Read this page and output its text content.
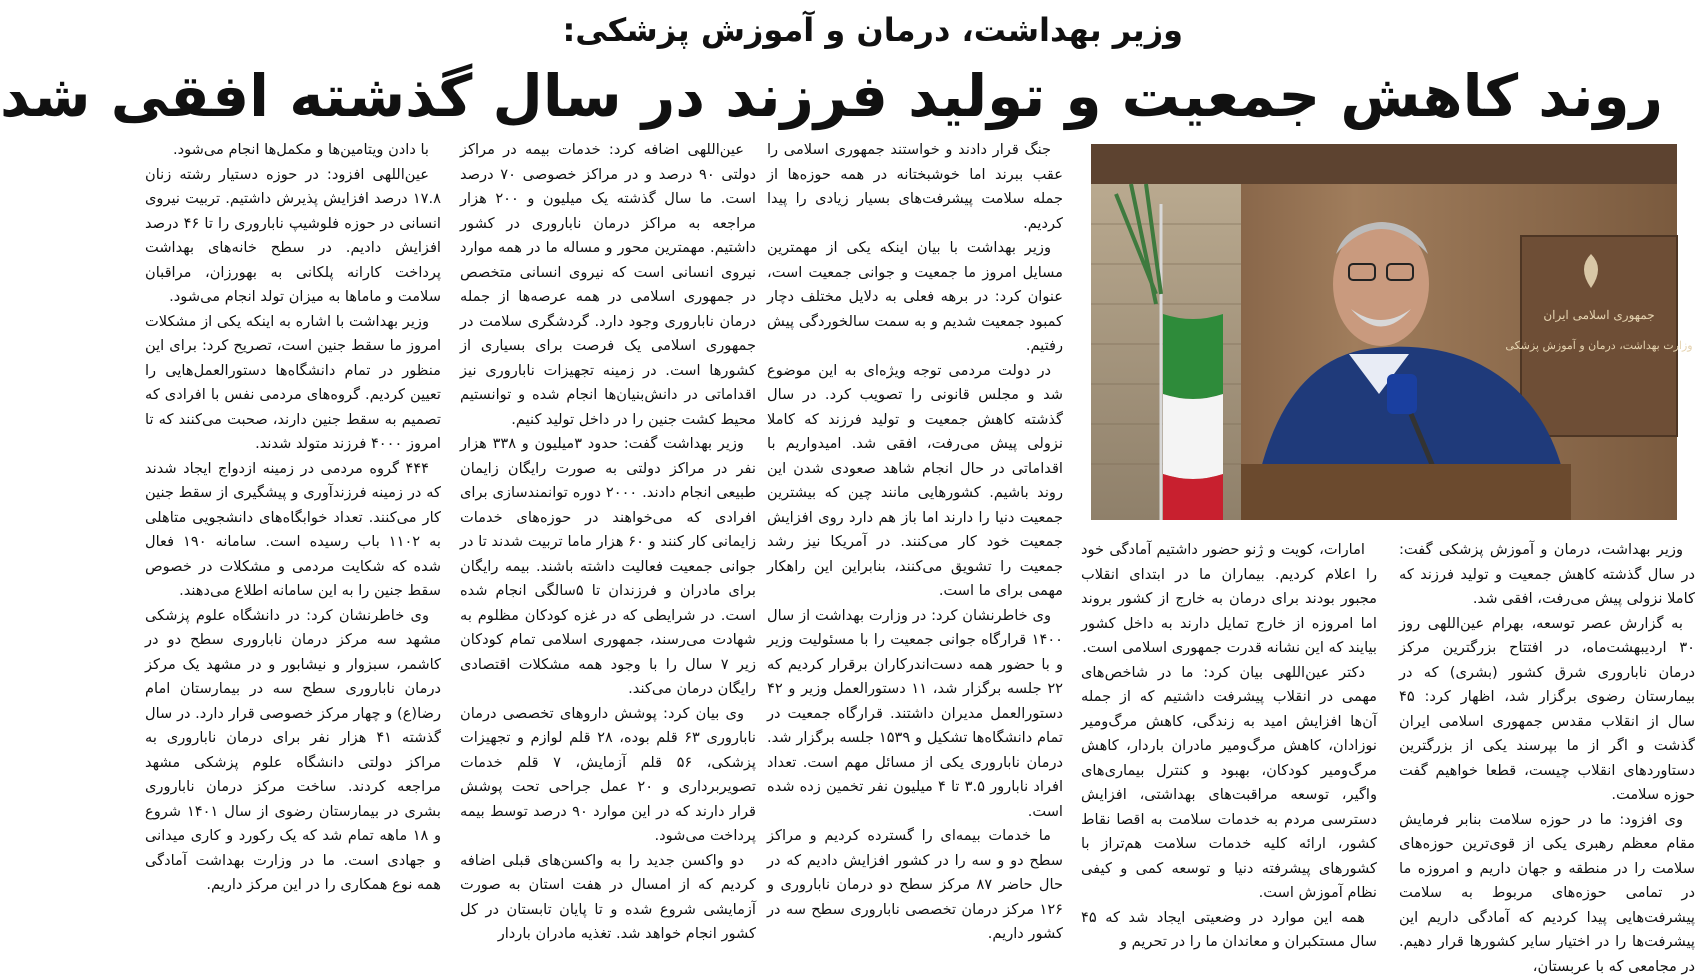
وزیر بهداشت، درمان و آموزش پزشکی:
روند کاهش جمعیت و تولید فرزند در سال گذشته افقی شد
جمهوری اسلامی ایران
وزارت بهداشت، درمان و آموزش پزشکی

وزیر بهداشت، درمان و آموزش پزشکی گفت: در سال گذشته کاهش جمعیت و تولید فرزند که کاملا نزولی پیش می‌رفت، افقی شد.

به گزارش عصر توسعه، بهرام عین‌اللهی روز ۳۰ اردیبهشت‌ماه، در افتتاح بزرگترین مرکز درمان ناباروری شرق کشور (بشری) که در بیمارستان رضوی برگزار شد، اظهار کرد: ۴۵ سال از انقلاب مقدس جمهوری اسلامی ایران گذشت و اگر از ما بپرسند یکی از بزرگترین دستاوردهای انقلاب چیست، قطعا خواهیم گفت حوزه سلامت.

وی افزود: ما در حوزه سلامت بنابر فرمایش مقام معظم رهبری یکی از قوی‌ترین حوزه‌های سلامت را در منطقه و جهان داریم و امروزه ما در تمامی حوزه‌های مربوط به سلامت پیشرفت‌هایی پیدا کردیم که آمادگی داریم این پیشرفت‌ها را در اختیار سایر کشورها قرار دهیم. در مجامعی که با عربستان،

امارات، کویت و ژنو حضور داشتیم آمادگی خود را اعلام کردیم. بیماران ما در ابتدای انقلاب مجبور بودند برای درمان به خارج از کشور بروند اما امروزه از خارج تمایل دارند به داخل کشور بیایند که این نشانه قدرت جمهوری اسلامی است.

دکتر عین‌اللهی بیان کرد: ما در شاخص‌های مهمی در انقلاب پیشرفت داشتیم که از جمله آن‌ها افزایش امید به زندگی، کاهش مرگ‌ومیر نوزادان، کاهش مرگ‌ومیر مادران باردار، کاهش مرگ‌ومیر کودکان، بهبود و کنترل بیماری‌های واگیر، توسعه مراقبت‌های بهداشتی، افزایش دسترسی مردم به خدمات سلامت به اقصا نقاط کشور، ارائه کلیه خدمات سلامت هم‌تراز با کشورهای پیشرفته دنیا و توسعه کمی و کیفی نظام آموزش است.

همه این موارد در وضعیتی ایجاد شد که ۴۵ سال مستکبران و معاندان ما را در تحریم و

جنگ قرار دادند و خواستند جمهوری اسلامی را عقب ببرند اما خوشبختانه در همه حوزه‌ها از جمله سلامت پیشرفت‌های بسیار زیادی را پیدا کردیم.

وزیر بهداشت با بیان اینکه یکی از مهمترین مسایل امروز ما جمعیت و جوانی جمعیت است، عنوان کرد: در برهه فعلی به دلایل مختلف دچار کمبود جمعیت شدیم و به سمت سالخوردگی پیش رفتیم.

در دولت مردمی توجه ویژه‌ای به این موضوع شد و مجلس قانونی را تصویب کرد. در سال گذشته کاهش جمعیت و تولید فرزند که کاملا نزولی پیش می‌رفت، افقی شد. امیدواریم با اقداماتی در حال انجام شاهد صعودی شدن این روند باشیم. کشورهایی مانند چین که بیشترین جمعیت دنیا را دارند اما باز هم دارد روی افزایش جمعیت خود کار می‌کنند. در آمریکا نیز رشد جمعیت را تشویق می‌کنند، بنابراین این راهکار مهمی برای ما است.

وی خاطرنشان کرد: در وزارت بهداشت از سال ۱۴۰۰ قرارگاه جوانی جمعیت را با مسئولیت وزیر و با حضور همه دست‌اندرکاران برقرار کردیم که ۲۲ جلسه برگزار شد، ۱۱ دستورالعمل وزیر و ۴۲ دستورالعمل مدیران داشتند. قرارگاه جمعیت در تمام دانشگاه‌ها تشکیل و ۱۵۳۹ جلسه برگزار شد. درمان ناباروری یکی از مسائل مهم است. تعداد افراد نابارور ۳.۵ تا ۴ میلیون نفر تخمین زده شده است.

ما خدمات بیمه‌ای را گسترده کردیم و مراکز سطح دو و سه را در کشور افزایش دادیم که در حال حاضر ۸۷ مرکز سطح دو درمان ناباروری و ۱۲۶ مرکز درمان تخصصی ناباروری سطح سه در کشور داریم.

عین‌اللهی اضافه کرد: خدمات بیمه در مراکز دولتی ۹۰ درصد و در مراکز خصوصی ۷۰ درصد است. ما سال گذشته یک میلیون و ۲۰۰ هزار مراجعه به مراکز درمان ناباروری در کشور داشتیم. مهمترین محور و مساله ما در همه موارد نیروی انسانی است که نیروی انسانی متخصص در جمهوری اسلامی در همه عرصه‌ها از جمله درمان ناباروری وجود دارد. گردشگری سلامت در جمهوری اسلامی یک فرصت برای بسیاری از کشورها است. در زمینه تجهیزات ناباروری نیز اقداماتی در دانش‌بنیان‌ها انجام شده و توانستیم محیط کشت جنین را در داخل تولید کنیم.

وزیر بهداشت گفت: حدود ۳میلیون و ۳۳۸ هزار نفر در مراکز دولتی به صورت رایگان زایمان طبیعی انجام دادند. ۲۰۰۰ دوره توانمندسازی برای افرادی که می‌خواهند در حوزه‌های خدمات زایمانی کار کنند و ۶۰ هزار ماما تربیت شدند تا در جوانی جمعیت فعالیت داشته باشند. بیمه رایگان برای مادران و فرزندان تا ۵سالگی انجام شده است. در شرایطی که در غزه کودکان مظلوم به شهادت می‌رسند، جمهوری اسلامی تمام کودکان زیر ۷ سال را با وجود همه مشکلات اقتصادی رایگان درمان می‌کند.

وی بیان کرد: پوشش داروهای تخصصی درمان ناباروری ۶۳ قلم بوده، ۲۸ قلم لوازم و تجهیزات پزشکی، ۵۶ قلم آزمایش، ۷ قلم خدمات تصویربرداری و ۲۰ عمل جراحی تحت پوشش قرار دارند که در این موارد ۹۰ درصد توسط بیمه پرداخت می‌شود.

دو واکسن جدید را به واکسن‌های قبلی اضافه کردیم که از امسال در هفت استان به صورت آزمایشی شروع شده و تا پایان تابستان در کل کشور انجام خواهد شد. تغذیه مادران باردار

با دادن ویتامین‌ها و مکمل‌ها انجام می‌شود.

عین‌اللهی افزود: در حوزه دستیار رشته زنان ۱۷.۸ درصد افزایش پذیرش داشتیم. تربیت نیروی انسانی در حوزه فلوشیپ ناباروری را تا ۴۶ درصد افزایش دادیم. در سطح خانه‌های بهداشت پرداخت کارانه پلکانی به بهورزان، مراقبان سلامت و ماماها به میزان تولد انجام می‌شود.

وزیر بهداشت با اشاره به اینکه یکی از مشکلات امروز ما سقط جنین است، تصریح کرد: برای این منظور در تمام دانشگاه‌ها دستورالعمل‌هایی را تعیین کردیم. گروه‌های مردمی نفس با افرادی که تصمیم به سقط جنین دارند، صحبت می‌کنند که تا امروز ۴۰۰۰ فرزند متولد شدند.

۴۴۴ گروه مردمی در زمینه ازدواج ایجاد شدند که در زمینه فرزندآوری و پیشگیری از سقط جنین کار می‌کنند. تعداد خوابگاه‌های دانشجویی متاهلی به ۱۱۰۲ باب رسیده است. سامانه ۱۹۰ فعال شده که شکایت مردمی و مشکلات در خصوص سقط جنین را به این سامانه اطلاع می‌دهند.

وی خاطرنشان کرد: در دانشگاه علوم پزشکی مشهد سه مرکز درمان ناباروری سطح دو در کاشمر، سبزوار و نیشابور و در مشهد یک مرکز درمان ناباروری سطح سه در بیمارستان امام رضا(ع) و چهار مرکز خصوصی قرار دارد. در سال گذشته ۴۱ هزار نفر برای درمان ناباروری به مراکز دولتی دانشگاه علوم پزشکی مشهد مراجعه کردند. ساخت مرکز درمان ناباروری بشری در بیمارستان رضوی از سال ۱۴۰۱ شروع و ۱۸ ماهه تمام شد که یک رکورد و کاری میدانی و جهادی است. ما در وزارت بهداشت آمادگی همه نوع همکاری را در این مرکز داریم.
